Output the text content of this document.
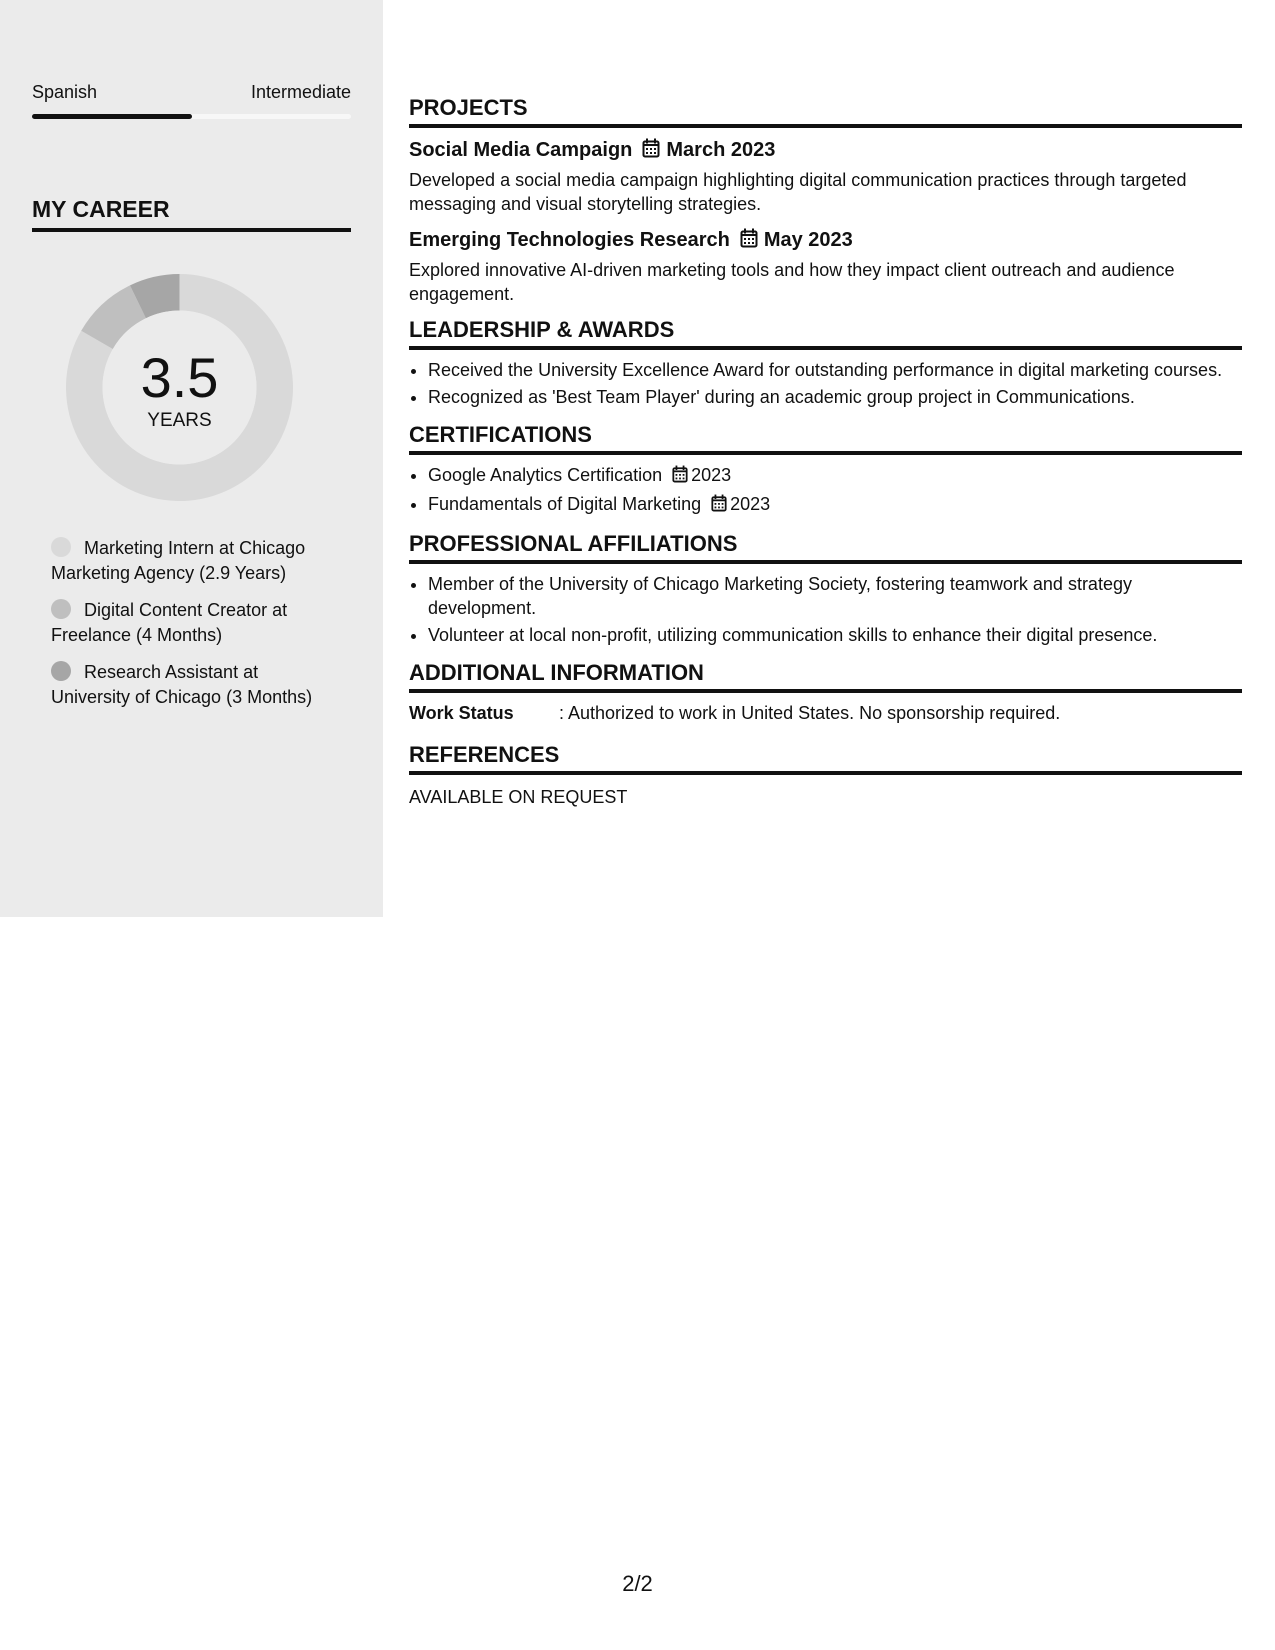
Spanish	Intermediate
MY CAREER
3.5
YEARS
Marketing Intern at Chicago
Marketing Agency (2.9 Years)
Digital Content Creator at
Freelance (4 Months)
Research Assistant at
University of Chicago (3 Months)
PROJECTS
Social Media Campaign March 2023
Developed a social media campaign highlighting digital communication practices through targeted messaging and visual storytelling strategies.
Emerging Technologies Research May 2023
Explored innovative AI-driven marketing tools and how they impact client outreach and audience engagement.
LEADERSHIP & AWARDS
• Received the University Excellence Award for outstanding performance in digital marketing courses.
• Recognized as 'Best Team Player' during an academic group project in Communications.
CERTIFICATIONS
• Google Analytics Certification 2023
• Fundamentals of Digital Marketing 2023
PROFESSIONAL AFFILIATIONS
• Member of the University of Chicago Marketing Society, fostering teamwork and strategy development.
• Volunteer at local non-profit, utilizing communication skills to enhance their digital presence.
ADDITIONAL INFORMATION
Work Status	: Authorized to work in United States. No sponsorship required.
REFERENCES
AVAILABLE ON REQUEST
2/2
